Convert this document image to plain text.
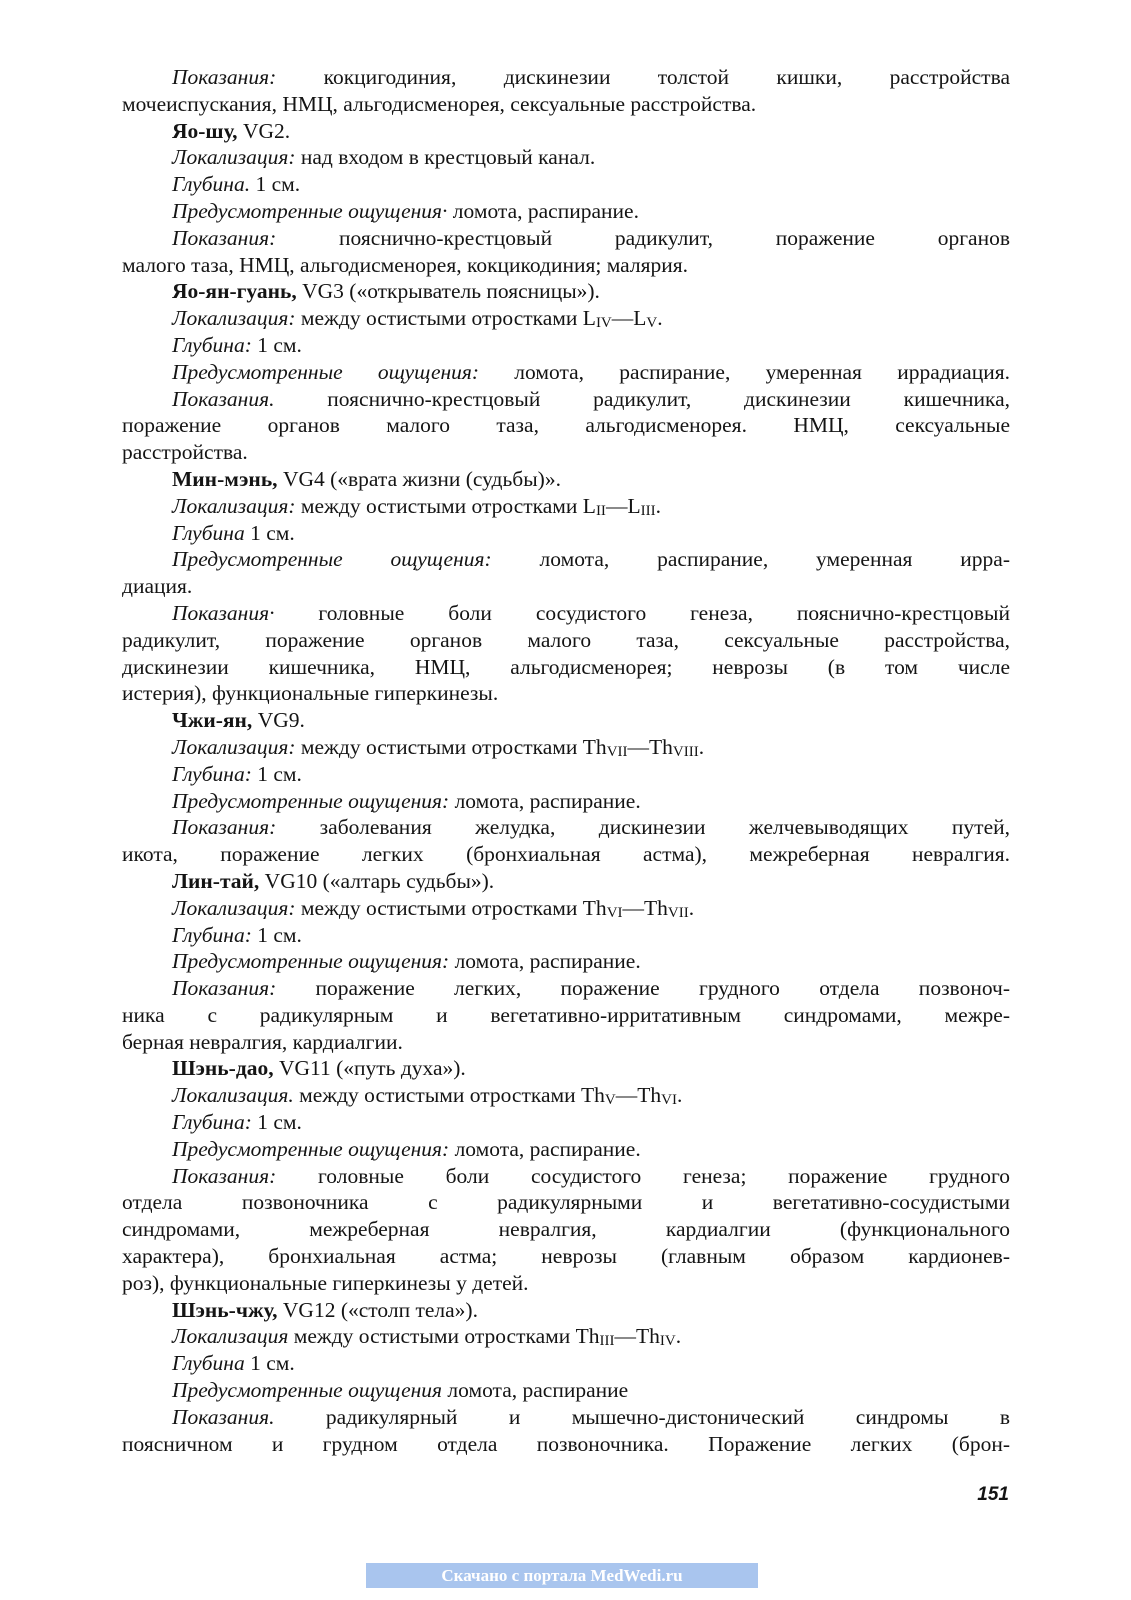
Показания: кокцигодиния, дискинезии толстой кишки, расстройства
мочеиспускания, НМЦ, альгодисменорея, сексуальные расстройства.
Яо-шу, VG2.
Локализация: над входом в крестцовый канал.
Глубина. 1 см.
Предусмотренные ощущения· ломота, распирание.
Показания: пояснично-крестцовый радикулит, поражение органов
малого таза, НМЦ, альгодисменорея, кокцикодиния; малярия.
Яо-ян-гуань, VG3 («открыватель поясницы»).
Локализация: между остистыми отростками LIV—LV.
Глубина: 1 см.
Предусмотренные ощущения: ломота, распирание, умеренная иррадиация.
Показания. пояснично-крестцовый радикулит, дискинезии кишечника,
поражение органов малого таза, альгодисменорея. НМЦ, сексуальные
расстройства.
Мин-мэнь, VG4 («врата жизни (судьбы)».
Локализация: между остистыми отростками LII—LIII.
Глубина 1 см.
Предусмотренные ощущения: ломота, распирание, умеренная ирра-
диация.
Показания· головные боли сосудистого генеза, пояснично-крестцовый
радикулит, поражение органов малого таза, сексуальные расстройства,
дискинезии кишечника, НМЦ, альгодисменорея; неврозы (в том числе
истерия), функциональные гиперкинезы.
Чжи-ян, VG9.
Локализация: между остистыми отростками ThVII—ThVIII.
Глубина: 1 см.
Предусмотренные ощущения: ломота, распирание.
Показания: заболевания желудка, дискинезии желчевыводящих путей,
икота, поражение легких (бронхиальная астма), межреберная невралгия.
Лин-тай, VG10 («алтарь судьбы»).
Локализация: между остистыми отростками ThVI—ThVII.
Глубина: 1 см.
Предусмотренные ощущения: ломота, распирание.
Показания: поражение легких, поражение грудного отдела позвоноч-
ника с радикулярным и вегетативно-ирритативным синдромами, межре-
берная невралгия, кардиалгии.
Шэнь-дао, VG11 («путь духа»).
Локализация. между остистыми отростками ThV—ThVI.
Глубина: 1 см.
Предусмотренные ощущения: ломота, распирание.
Показания: головные боли сосудистого генеза; поражение грудного
отдела позвоночника с радикулярными и вегетативно-сосудистыми
синдромами, межреберная невралгия, кардиалгии (функционального
характера), бронхиальная астма; неврозы (главным образом кардионев-
роз), функциональные гиперкинезы у детей.
Шэнь-чжу, VG12 («столп тела»).
Локализация между остистыми отростками ThIII—ThIV.
Глубина 1 см.
Предусмотренные ощущения ломота, распирание
Показания. радикулярный и мышечно-дистонический синдромы в
поясничном и грудном отдела позвоночника. Поражение легких (брон-
151
Скачано с портала MedWedi.ru
